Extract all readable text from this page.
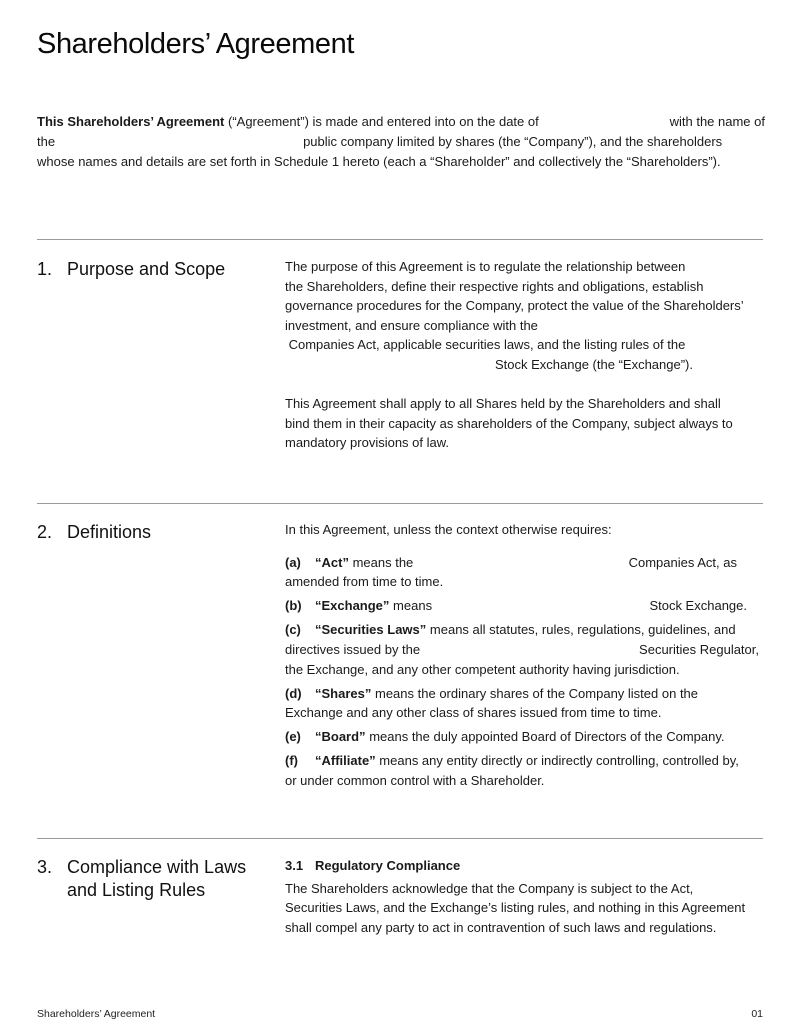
Shareholders’ Agreement
This Shareholders’ Agreement (“Agreement”) is made and entered into on the date of	with the name of
the	public company limited by shares (the “Company”), and the shareholders
whose names and details are set forth in Schedule 1 hereto (each a “Shareholder” and collectively the “Shareholders”).
1. Purpose and Scope	The purpose of this Agreement is to regulate the relationship between
the Shareholders, define their respective rights and obligations, establish
governance procedures for the Company, protect the value of the Shareholders’
investment, and ensure compliance with the
Companies Act, applicable securities laws, and the listing rules of the
Stock Exchange (the “Exchange”).

This Agreement shall apply to all Shares held by the Shareholders and shall
bind them in their capacity as shareholders of the Company, subject always to
mandatory provisions of law.

2. Definitions	In this Agreement, unless the context otherwise requires:

(a) “Act” means the	Companies Act, as
amended from time to time.
(b) “Exchange” means	Stock Exchange.
(c) “Securities Laws” means all statutes, rules, regulations, guidelines, and
directives issued by the	Securities Regulator,
the Exchange, and any other competent authority having jurisdiction.
(d) “Shares” means the ordinary shares of the Company listed on the
Exchange and any other class of shares issued from time to time.
(e) “Board” means the duly appointed Board of Directors of the Company.
(f) “Affiliate” means any entity directly or indirectly controlling, controlled by,
or under common control with a Shareholder.
3. Compliance with Laws and Listing Rules
3.1 Regulatory Compliance

The Shareholders acknowledge that the Company is subject to the Act,
Securities Laws, and the Exchange’s listing rules, and nothing in this Agreement
shall compel any party to act in contravention of such laws and regulations.

Shareholders’ Agreement	01
